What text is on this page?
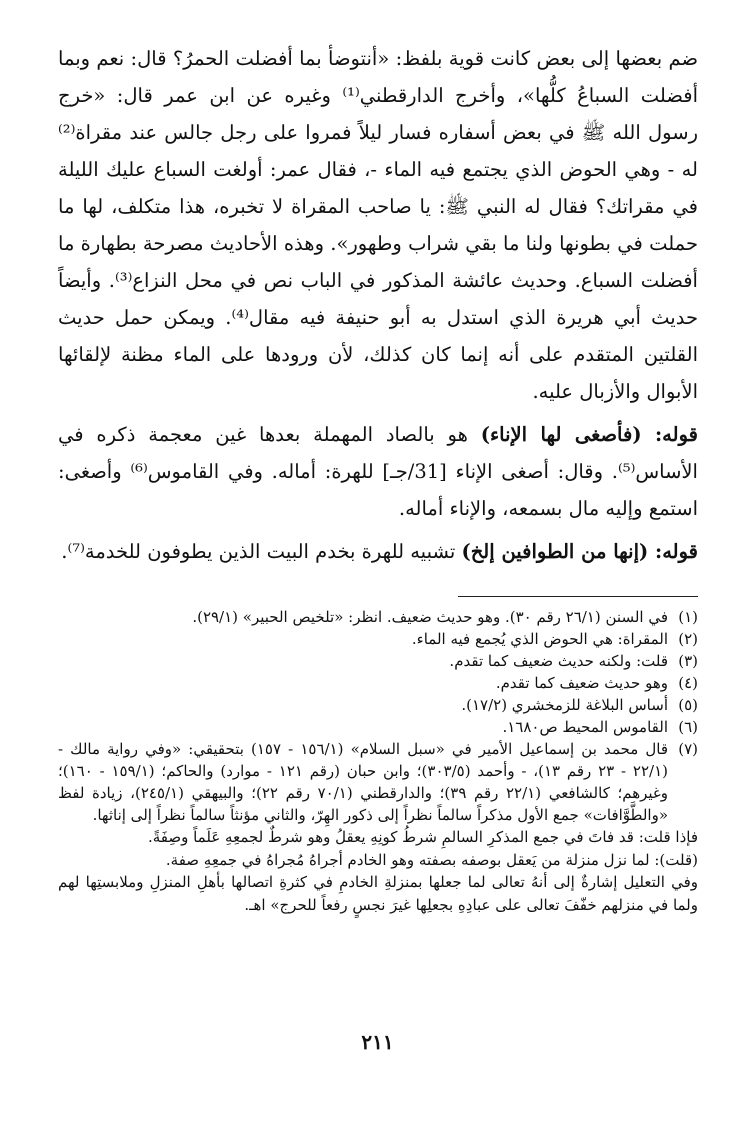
ضم بعضها إلى بعض كانت قوية بلفظ: «أنتوضأ بما أفضلت الحمرُ؟ قال: نعم وبما أفضلت السباعُ كلُّها»، وأخرج الدارقطني⁽¹⁾ وغيره عن ابن عمر قال: «خرج رسول الله ﷺ في بعض أسفاره فسار ليلاً فمروا على رجل جالس عند مقراة⁽²⁾ له - وهي الحوض الذي يجتمع فيه الماء -، فقال عمر: أولغت السباع عليك الليلة في مقراتك؟ فقال له النبي ﷺ: يا صاحب المقراة لا تخبره، هذا متكلف، لها ما حملت في بطونها ولنا ما بقي شراب وطهور». وهذه الأحاديث مصرحة بطهارة ما أفضلت السباع. وحديث عائشة المذكور في الباب نص في محل النزاع⁽³⁾. وأيضاً حديث أبي هريرة الذي استدل به أبو حنيفة فيه مقال⁽⁴⁾. ويمكن حمل حديث القلتين المتقدم على أنه إنما كان كذلك، لأن ورودها على الماء مظنة لإلقائها الأبوال والأزبال عليه.

قوله: (فأصغى لها الإناء) هو بالصاد المهملة بعدها غين معجمة ذكره في الأساس⁽⁵⁾. وقال: أصغى الإناء [31/جـ] للهرة: أماله. وفي القاموس⁽⁶⁾ وأصغى: استمع وإليه مال بسمعه، والإناء أماله.

قوله: (إنها من الطوافين إلخ) تشبيه للهرة بخدم البيت الذين يطوفون للخدمة⁽⁷⁾.

(١)
في السنن (٢٦/١ رقم ٣٠). وهو حديث ضعيف. انظر: «تلخيص الحبير» (٢٩/١).
(٢)
المقراة: هي الحوض الذي يُجمع فيه الماء.
(٣)
قلت: ولكنه حديث ضعيف كما تقدم.
(٤)
وهو حديث ضعيف كما تقدم.
(٥)
أساس البلاغة للزمخشري (١٧/٢).
(٦)
القاموس المحيط ص١٦٨٠.
(٧)
قال محمد بن إسماعيل الأمير في «سبل السلام» (١٥٦/١ - ١٥٧) بتحقيقي: «وفي رواية مالك - (٢٢/١ - ٢٣ رقم ١٣)، - وأحمد (٣٠٣/٥)؛ وابن حبان (رقم ١٢١ - موارد) والحاكم؛ (١٥٩/١ - ١٦٠)؛ وغيرهم؛ كالشافعي (٢٢/١ رقم ٣٩)؛ والدارقطني (٧٠/١ رقم ٢٢)؛ والبيهقي (٢٤٥/١)، زيادة لفظ «والطَّوَّافات» جمع الأول مذكراً سالماً نظراً إلى ذكور الهِرّ، والثاني مؤنثاً سالماً نظراً إلى إناثها.

فإذا قلت: قد فاتَ في جمع المذكرِ السالمِ شرطُ كونِهِ يعقلُ وهو شرطٌ لجمعِهِ عَلَماً وصِفَةً.

(قلت): لما نزل منزلة من يَعقل بوصفه بصفته وهو الخادم أجراهُ مُجراهُ في جمعِهِ صفة.

وفي التعليل إشارةٌ إلى أنهُ تعالى لما جعلها بمنزلةِ الخادمِ في كثرةِ اتصالها بأهلِ المنزلِ وملابستِها لهم ولما في منزلهم خفّفَ تعالى على عبادِهِ بجعلِها غيرَ نجسٍ رفعاً للحرج» اهـ.

٢١١
